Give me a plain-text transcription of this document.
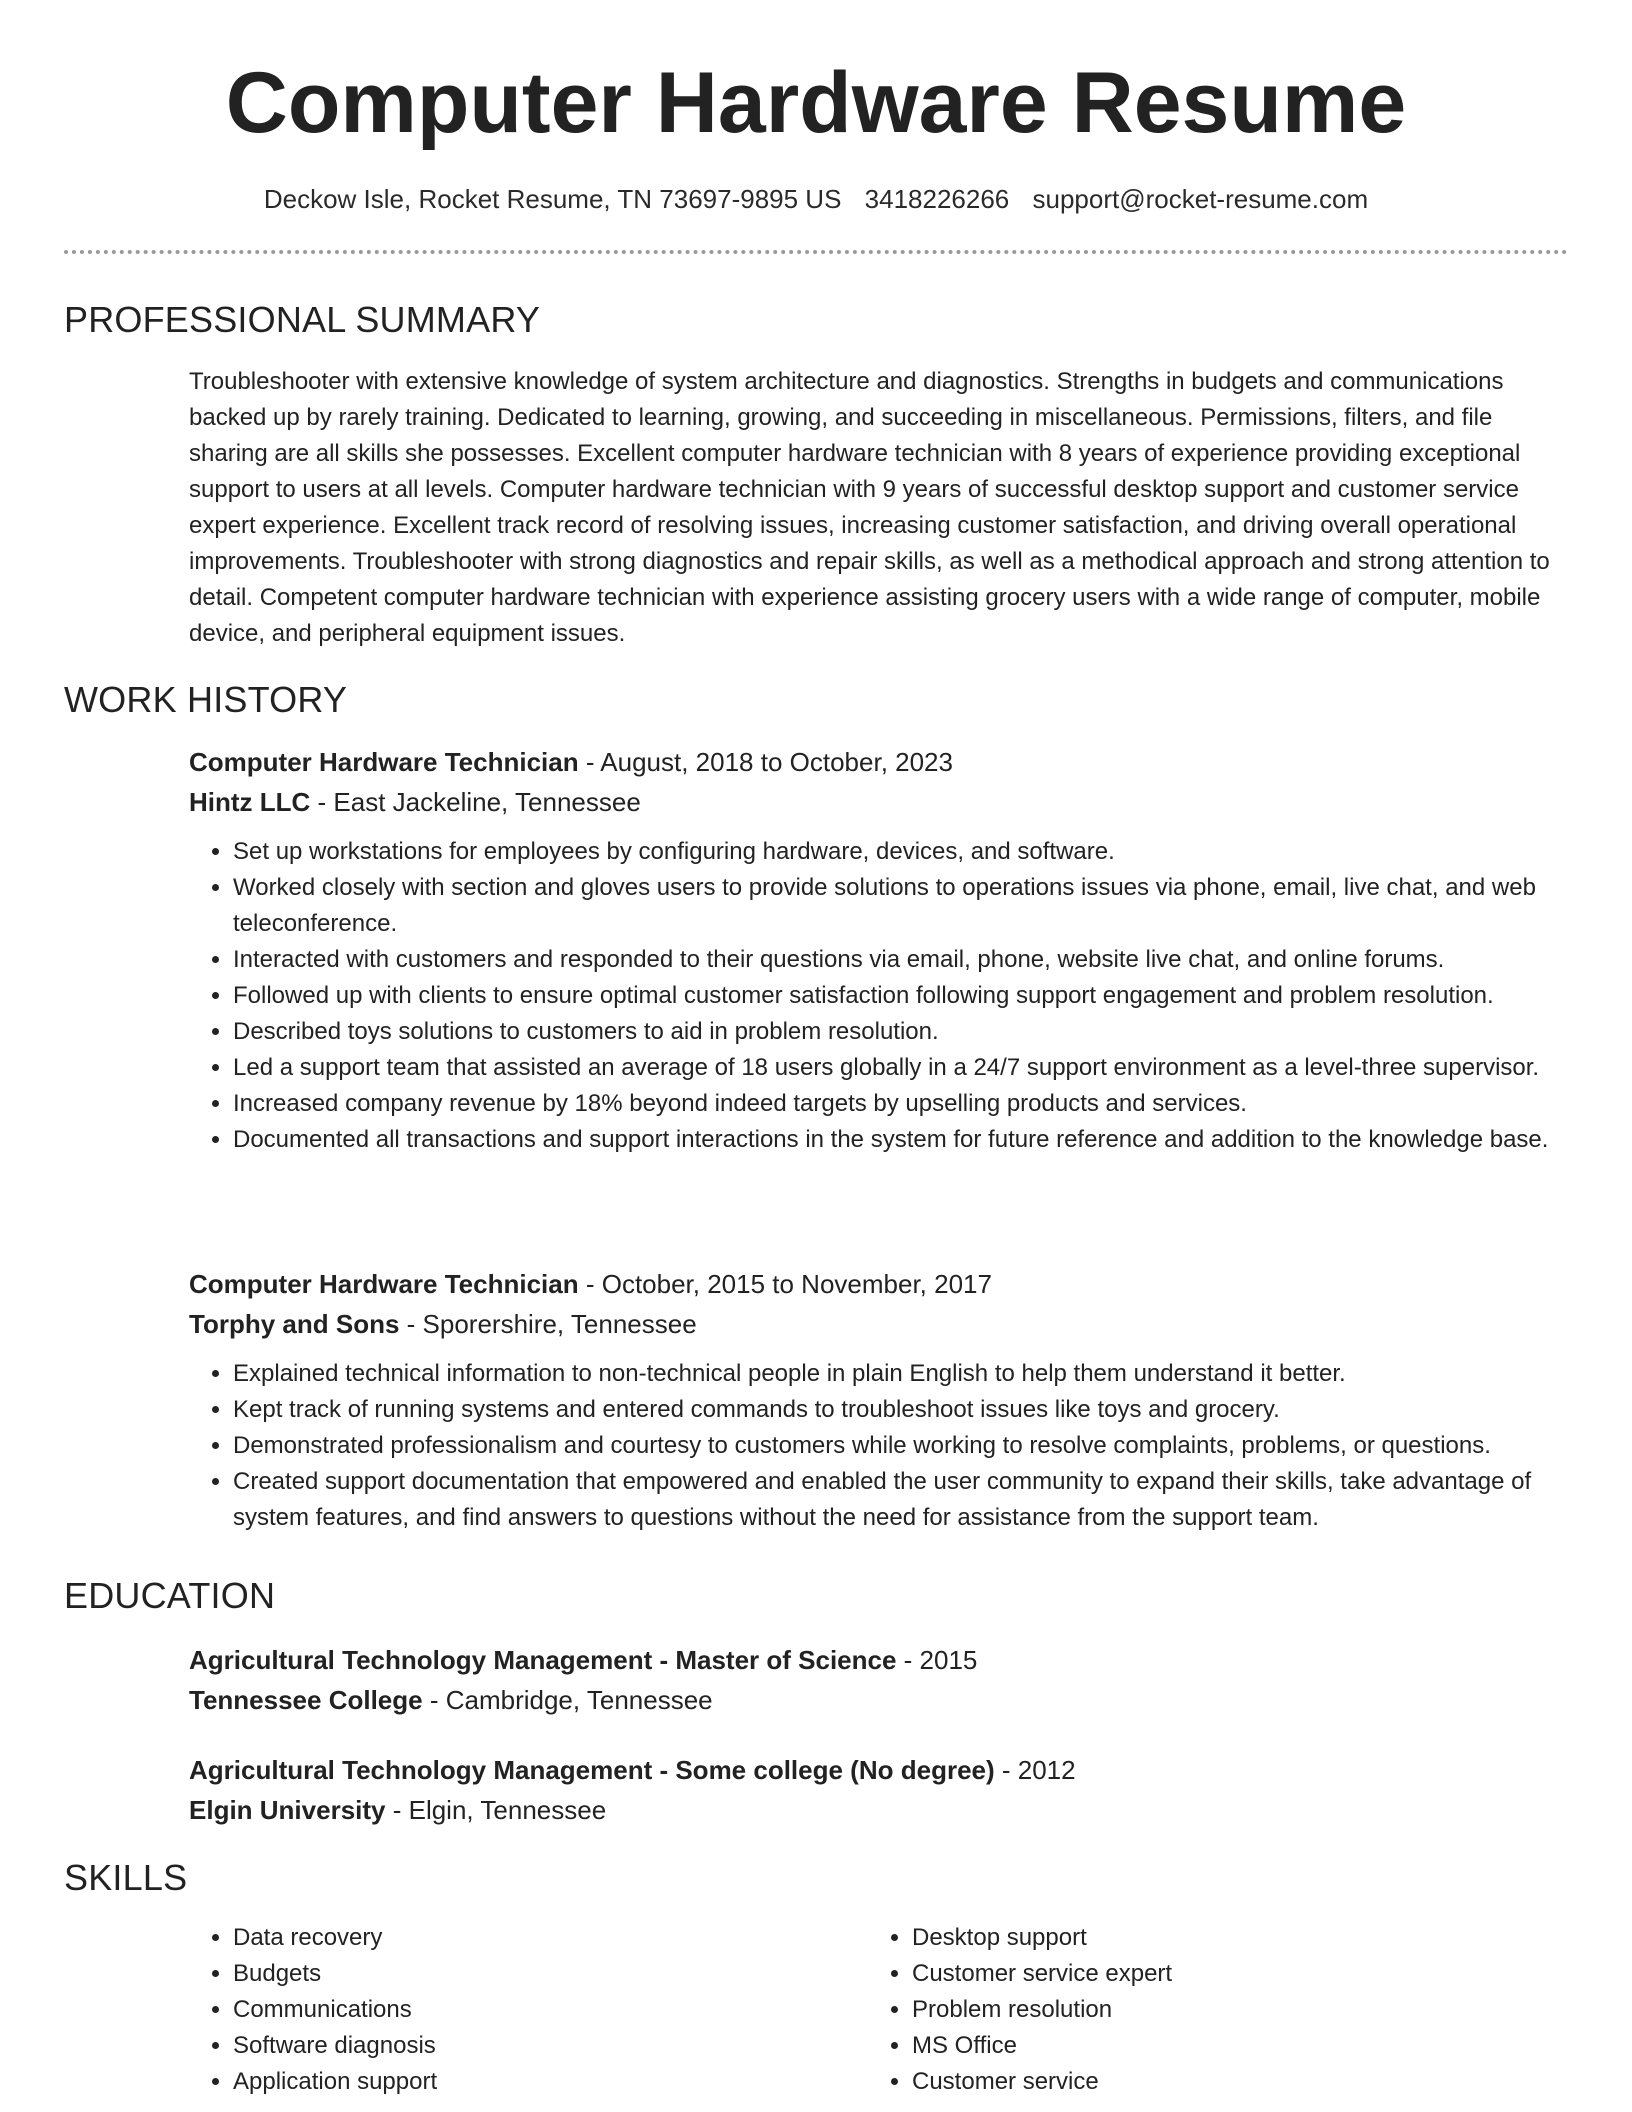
Computer Hardware Resume
Deckow Isle, Rocket Resume, TN 73697-9895 US 3418226266 support@rocket-resume.com
PROFESSIONAL SUMMARY
Troubleshooter with extensive knowledge of system architecture and diagnostics. Strengths in budgets and communications backed up by rarely training. Dedicated to learning, growing, and succeeding in miscellaneous. Permissions, filters, and file sharing are all skills she possesses. Excellent computer hardware technician with 8 years of experience providing exceptional support to users at all levels. Computer hardware technician with 9 years of successful desktop support and customer service expert experience. Excellent track record of resolving issues, increasing customer satisfaction, and driving overall operational improvements. Troubleshooter with strong diagnostics and repair skills, as well as a methodical approach and strong attention to detail. Competent computer hardware technician with experience assisting grocery users with a wide range of computer, mobile device, and peripheral equipment issues.
WORK HISTORY
Computer Hardware Technician - August, 2018 to October, 2023
Hintz LLC - East Jackeline, Tennessee
• Set up workstations for employees by configuring hardware, devices, and software.
• Worked closely with section and gloves users to provide solutions to operations issues via phone, email, live chat, and web teleconference.
• Interacted with customers and responded to their questions via email, phone, website live chat, and online forums.
• Followed up with clients to ensure optimal customer satisfaction following support engagement and problem resolution.
• Described toys solutions to customers to aid in problem resolution.
• Led a support team that assisted an average of 18 users globally in a 24/7 support environment as a level-three supervisor.
• Increased company revenue by 18% beyond indeed targets by upselling products and services.
• Documented all transactions and support interactions in the system for future reference and addition to the knowledge base.
Computer Hardware Technician - October, 2015 to November, 2017
Torphy and Sons - Sporershire, Tennessee
• Explained technical information to non-technical people in plain English to help them understand it better.
• Kept track of running systems and entered commands to troubleshoot issues like toys and grocery.
• Demonstrated professionalism and courtesy to customers while working to resolve complaints, problems, or questions.
• Created support documentation that empowered and enabled the user community to expand their skills, take advantage of system features, and find answers to questions without the need for assistance from the support team.
EDUCATION
Agricultural Technology Management - Master of Science - 2015
Tennessee College - Cambridge, Tennessee
Agricultural Technology Management - Some college (No degree) - 2012
Elgin University - Elgin, Tennessee
SKILLS
• Data recovery
• Budgets
• Communications
• Software diagnosis
• Application support
• Desktop support
• Customer service expert
• Problem resolution
• MS Office
• Customer service
